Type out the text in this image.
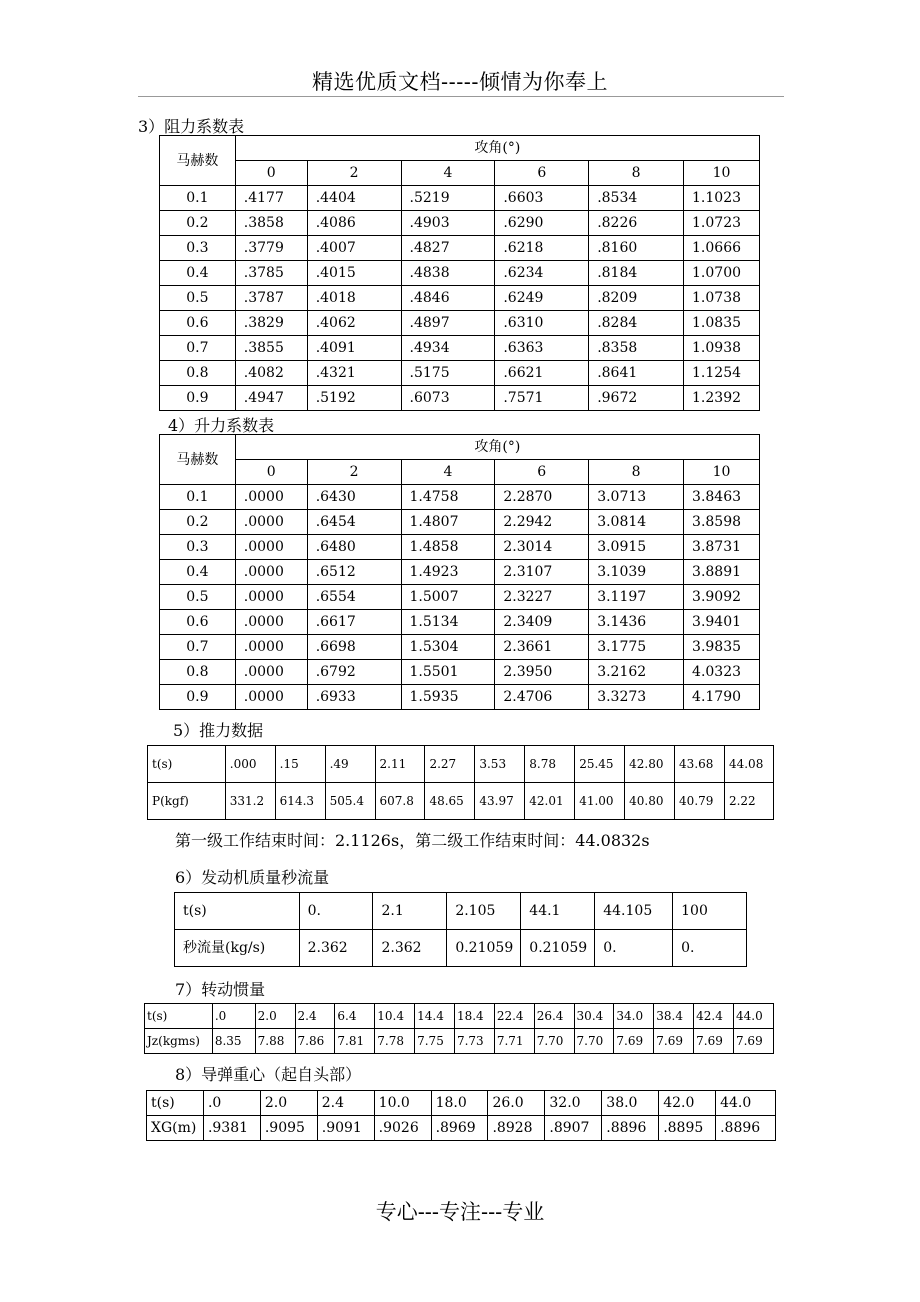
精选优质文档-----倾情为你奉上
3）阻力系数表
马赫数	攻角(°)					
	0	2	4	6	8	10
0.1	.4177	.4404	.5219	.6603	.8534	1.1023
0.2	.3858	.4086	.4903	.6290	.8226	1.0723
0.3	.3779	.4007	.4827	.6218	.8160	1.0666
0.4	.3785	.4015	.4838	.6234	.8184	1.0700
0.5	.3787	.4018	.4846	.6249	.8209	1.0738
0.6	.3829	.4062	.4897	.6310	.8284	1.0835
0.7	.3855	.4091	.4934	.6363	.8358	1.0938
0.8	.4082	.4321	.5175	.6621	.8641	1.1254
0.9	.4947	.5192	.6073	.7571	.9672	1.2392
4）升力系数表
马赫数	攻角(°)					
	0	2	4	6	8	10
0.1	.0000	.6430	1.4758	2.2870	3.0713	3.8463
0.2	.0000	.6454	1.4807	2.2942	3.0814	3.8598
0.3	.0000	.6480	1.4858	2.3014	3.0915	3.8731
0.4	.0000	.6512	1.4923	2.3107	3.1039	3.8891
0.5	.0000	.6554	1.5007	2.3227	3.1197	3.9092
0.6	.0000	.6617	1.5134	2.3409	3.1436	3.9401
0.7	.0000	.6698	1.5304	2.3661	3.1775	3.9835
0.8	.0000	.6792	1.5501	2.3950	3.2162	4.0323
0.9	.0000	.6933	1.5935	2.4706	3.3273	4.1790
5）推力数据
t(s)	.000	.15	.49	2.11	2.27	3.53	8.78	25.45	42.80	43.68	44.08
P(kgf)	331.2	614.3	505.4	607.8	48.65	43.97	42.01	41.00	40.80	40.79	2.22
第一级工作结束时间：2.1126s，第二级工作结束时间：44.0832s
6）发动机质量秒流量
t(s)	0.	2.1	2.105	44.1	44.105	100
秒流量(kg/s)	2.362	2.362	0.21059	0.21059	0.	0.
7）转动惯量
t(s)	.0	2.0	2.4	6.4	10.4	14.4	18.4	22.4	26.4	30.4	34.0	38.4	42.4	44.0
Jz(kgms)	8.35	7.88	7.86	7.81	7.78	7.75	7.73	7.71	7.70	7.70	7.69	7.69	7.69	7.69
8）导弹重心（起自头部）
t(s)	.0	2.0	2.4	10.0	18.0	26.0	32.0	38.0	42.0	44.0
XG(m)	.9381	.9095	.9091	.9026	.8969	.8928	.8907	.8896	.8895	.8896
专心---专注---专业
